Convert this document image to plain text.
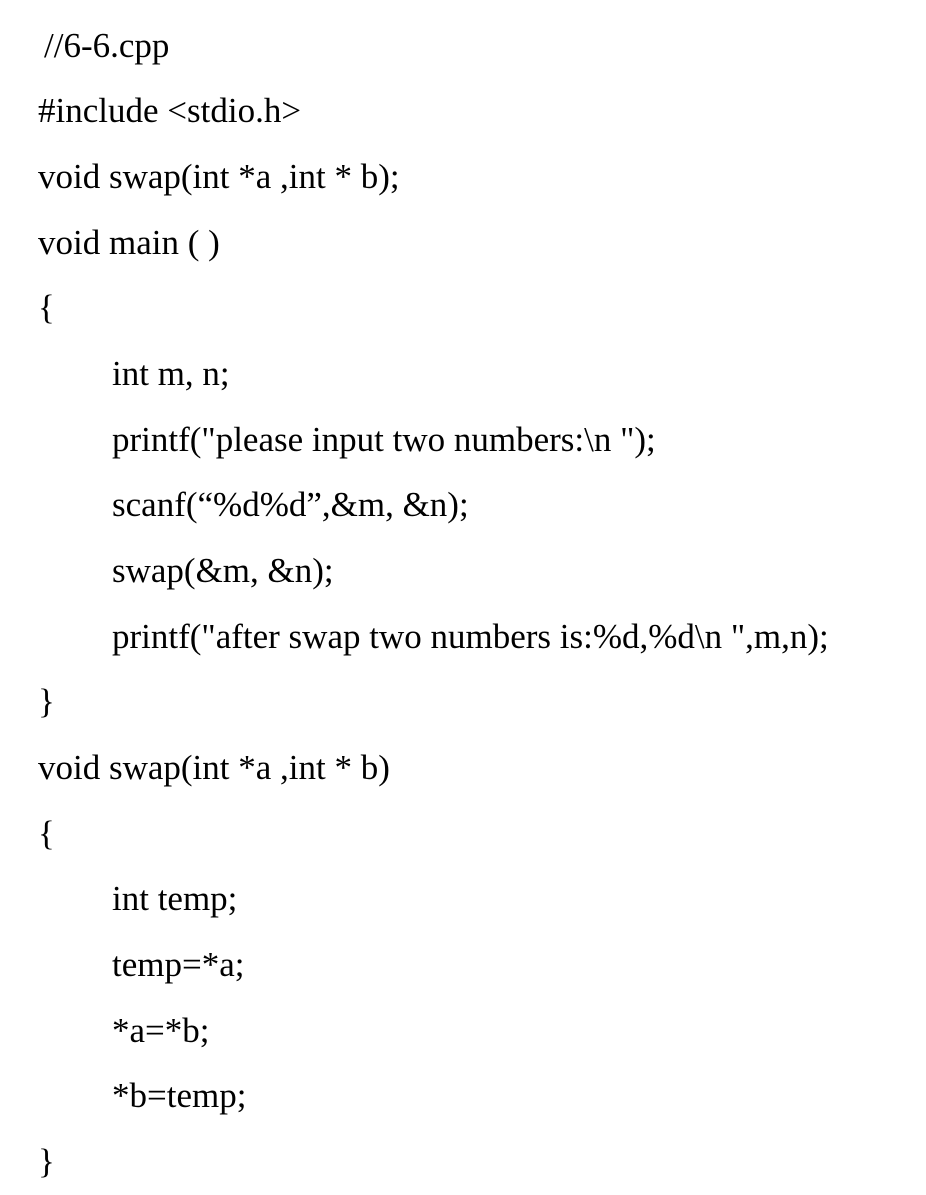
//6-6.cpp
#include <stdio.h>
void swap(int *a ,int * b);
void main ( )
{
int m, n;
printf("please input two numbers:\n ");
scanf(“%d%d”,&m, &n);
swap(&m, &n);
printf("after swap two numbers is:%d,%d\n ",m,n);
}
void swap(int *a ,int * b)
{
int temp;
temp=*a;
*a=*b;
*b=temp;
}
